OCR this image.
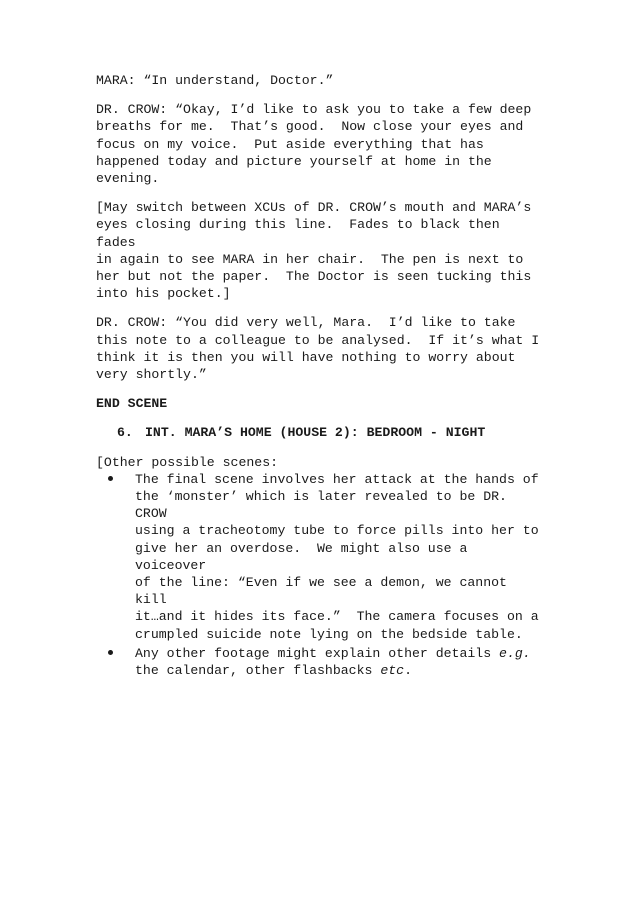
MARA: “In understand, Doctor.”

DR. CROW: “Okay, I’d like to ask you to take a few deep
breaths for me.  That’s good.  Now close your eyes and
focus on my voice.  Put aside everything that has
happened today and picture yourself at home in the
evening.

[May switch between XCUs of DR. CROW’s mouth and MARA’s
eyes closing during this line.  Fades to black then fades
in again to see MARA in her chair.  The pen is next to
her but not the paper.  The Doctor is seen tucking this
into his pocket.]

DR. CROW: “You did very well, Mara.  I’d like to take
this note to a colleague to be analysed.  If it’s what I
think it is then you will have nothing to worry about
very shortly.”

END SCENE

6. INT. MARA’S HOME (HOUSE 2): BEDROOM - NIGHT

[Other possible scenes:

The final scene involves her attack at the hands of
the ‘monster’ which is later revealed to be DR. CROW
using a tracheotomy tube to force pills into her to
give her an overdose.  We might also use a voiceover
of the line: “Even if we see a demon, we cannot kill
it…and it hides its face.”  The camera focuses on a
crumpled suicide note lying on the bedside table.
Any other footage might explain other details e.g.
the calendar, other flashbacks etc.
